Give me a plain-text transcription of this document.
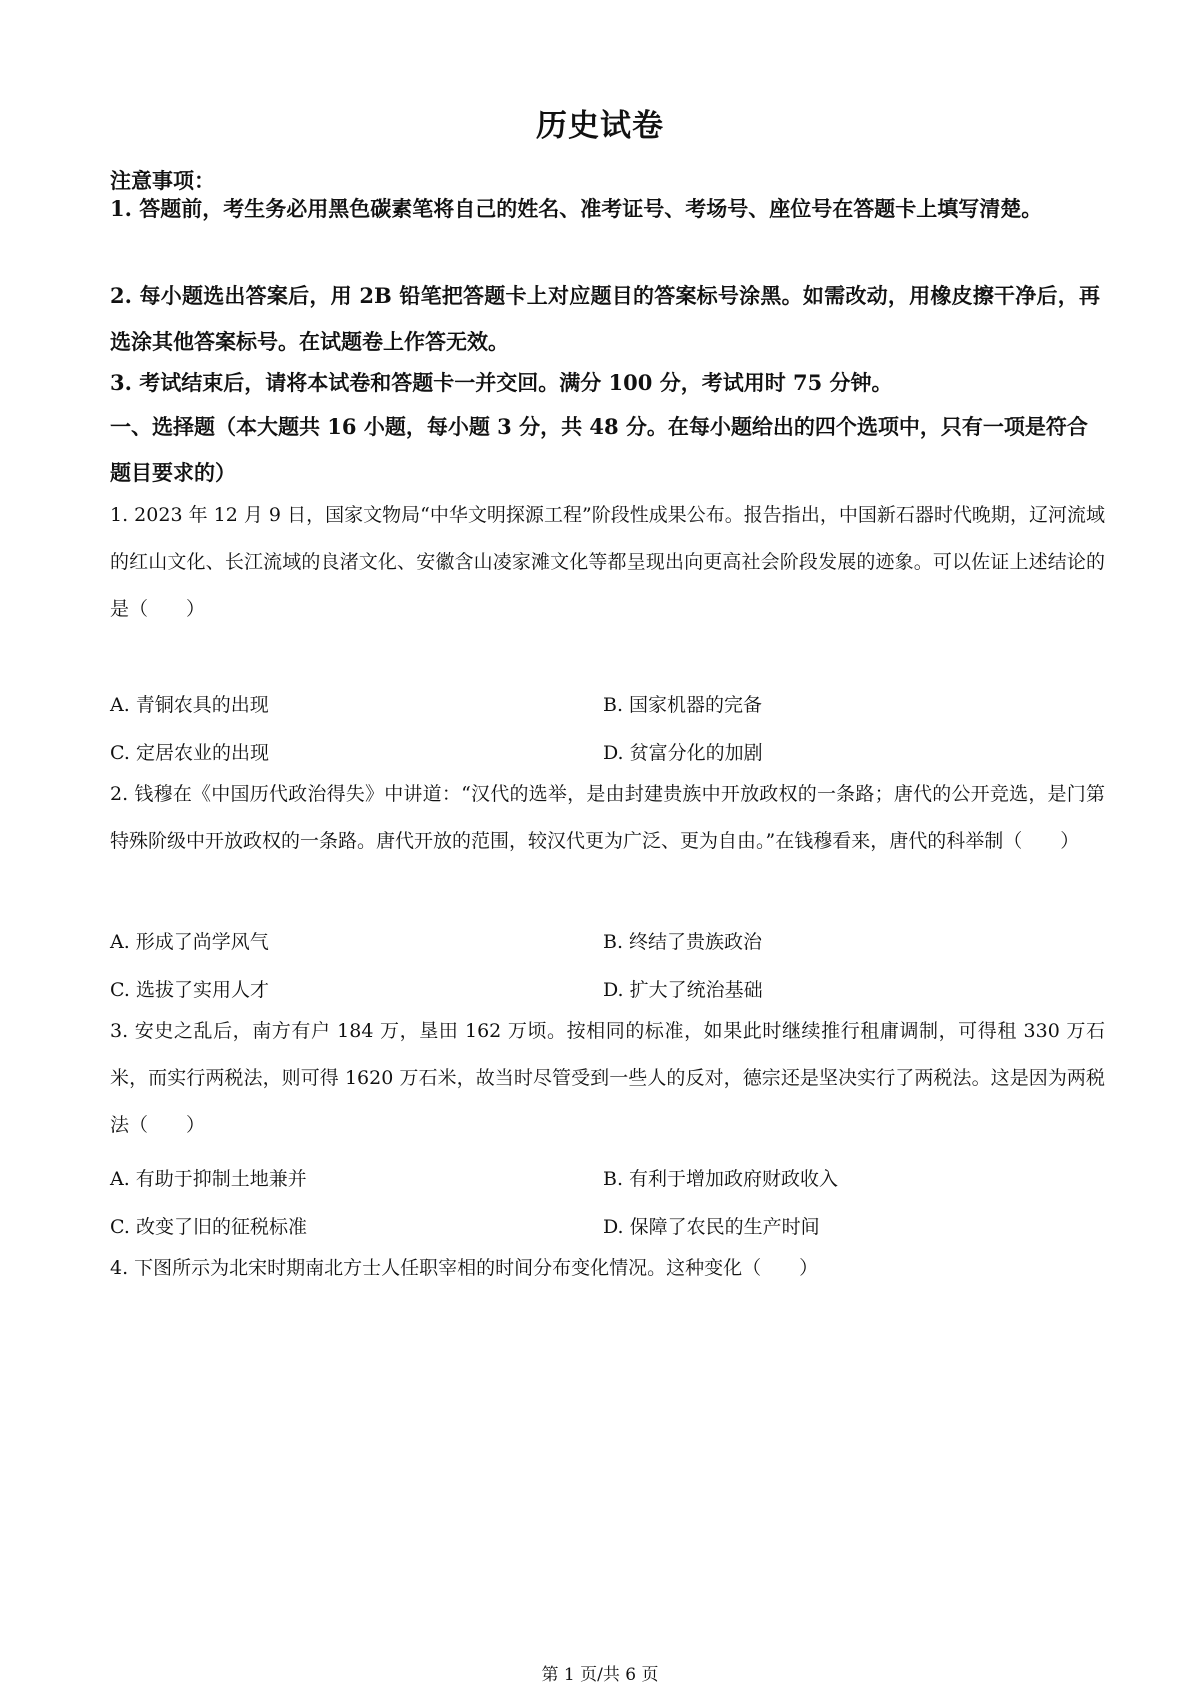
历史试卷
注意事项：
1. 答题前，考生务必用黑色碳素笔将自己的姓名、准考证号、考场号、座位号在答题卡上填写清楚。
2. 每小题选出答案后，用 2B 铅笔把答题卡上对应题目的答案标号涂黑。如需改动，用橡皮擦干净后，再选涂其他答案标号。在试题卷上作答无效。
3. 考试结束后，请将本试卷和答题卡一并交回。满分 100 分，考试用时 75 分钟。
一、选择题（本大题共 16 小题，每小题 3 分，共 48 分。在每小题给出的四个选项中，只有一项是符合题目要求的）
1. 2023 年 12 月 9 日，国家文物局“中华文明探源工程”阶段性成果公布。报告指出，中国新石器时代晚期，辽河流域的红山文化、长江流域的良渚文化、安徽含山凌家滩文化等都呈现出向更高社会阶段发展的迹象。可以佐证上述结论的是（　　）
A. 青铜农具的出现	B. 国家机器的完备
C. 定居农业的出现	D. 贫富分化的加剧
2. 钱穆在《中国历代政治得失》中讲道：“汉代的选举，是由封建贵族中开放政权的一条路；唐代的公开竞选，是门第特殊阶级中开放政权的一条路。唐代开放的范围，较汉代更为广泛、更为自由。”在钱穆看来，唐代的科举制（　　）
A. 形成了尚学风气	B. 终结了贵族政治
C. 选拔了实用人才	D. 扩大了统治基础
3. 安史之乱后，南方有户 184 万，垦田 162 万顷。按相同的标准，如果此时继续推行租庸调制，可得租 330 万石米，而实行两税法，则可得 1620 万石米，故当时尽管受到一些人的反对，德宗还是坚决实行了两税法。这是因为两税法（　　）
A. 有助于抑制土地兼并	B. 有利于增加政府财政收入
C. 改变了旧的征税标准	D. 保障了农民的生产时间
4. 下图所示为北宋时期南北方士人任职宰相的时间分布变化情况。这种变化（　　）
第 1 页/共 6 页
